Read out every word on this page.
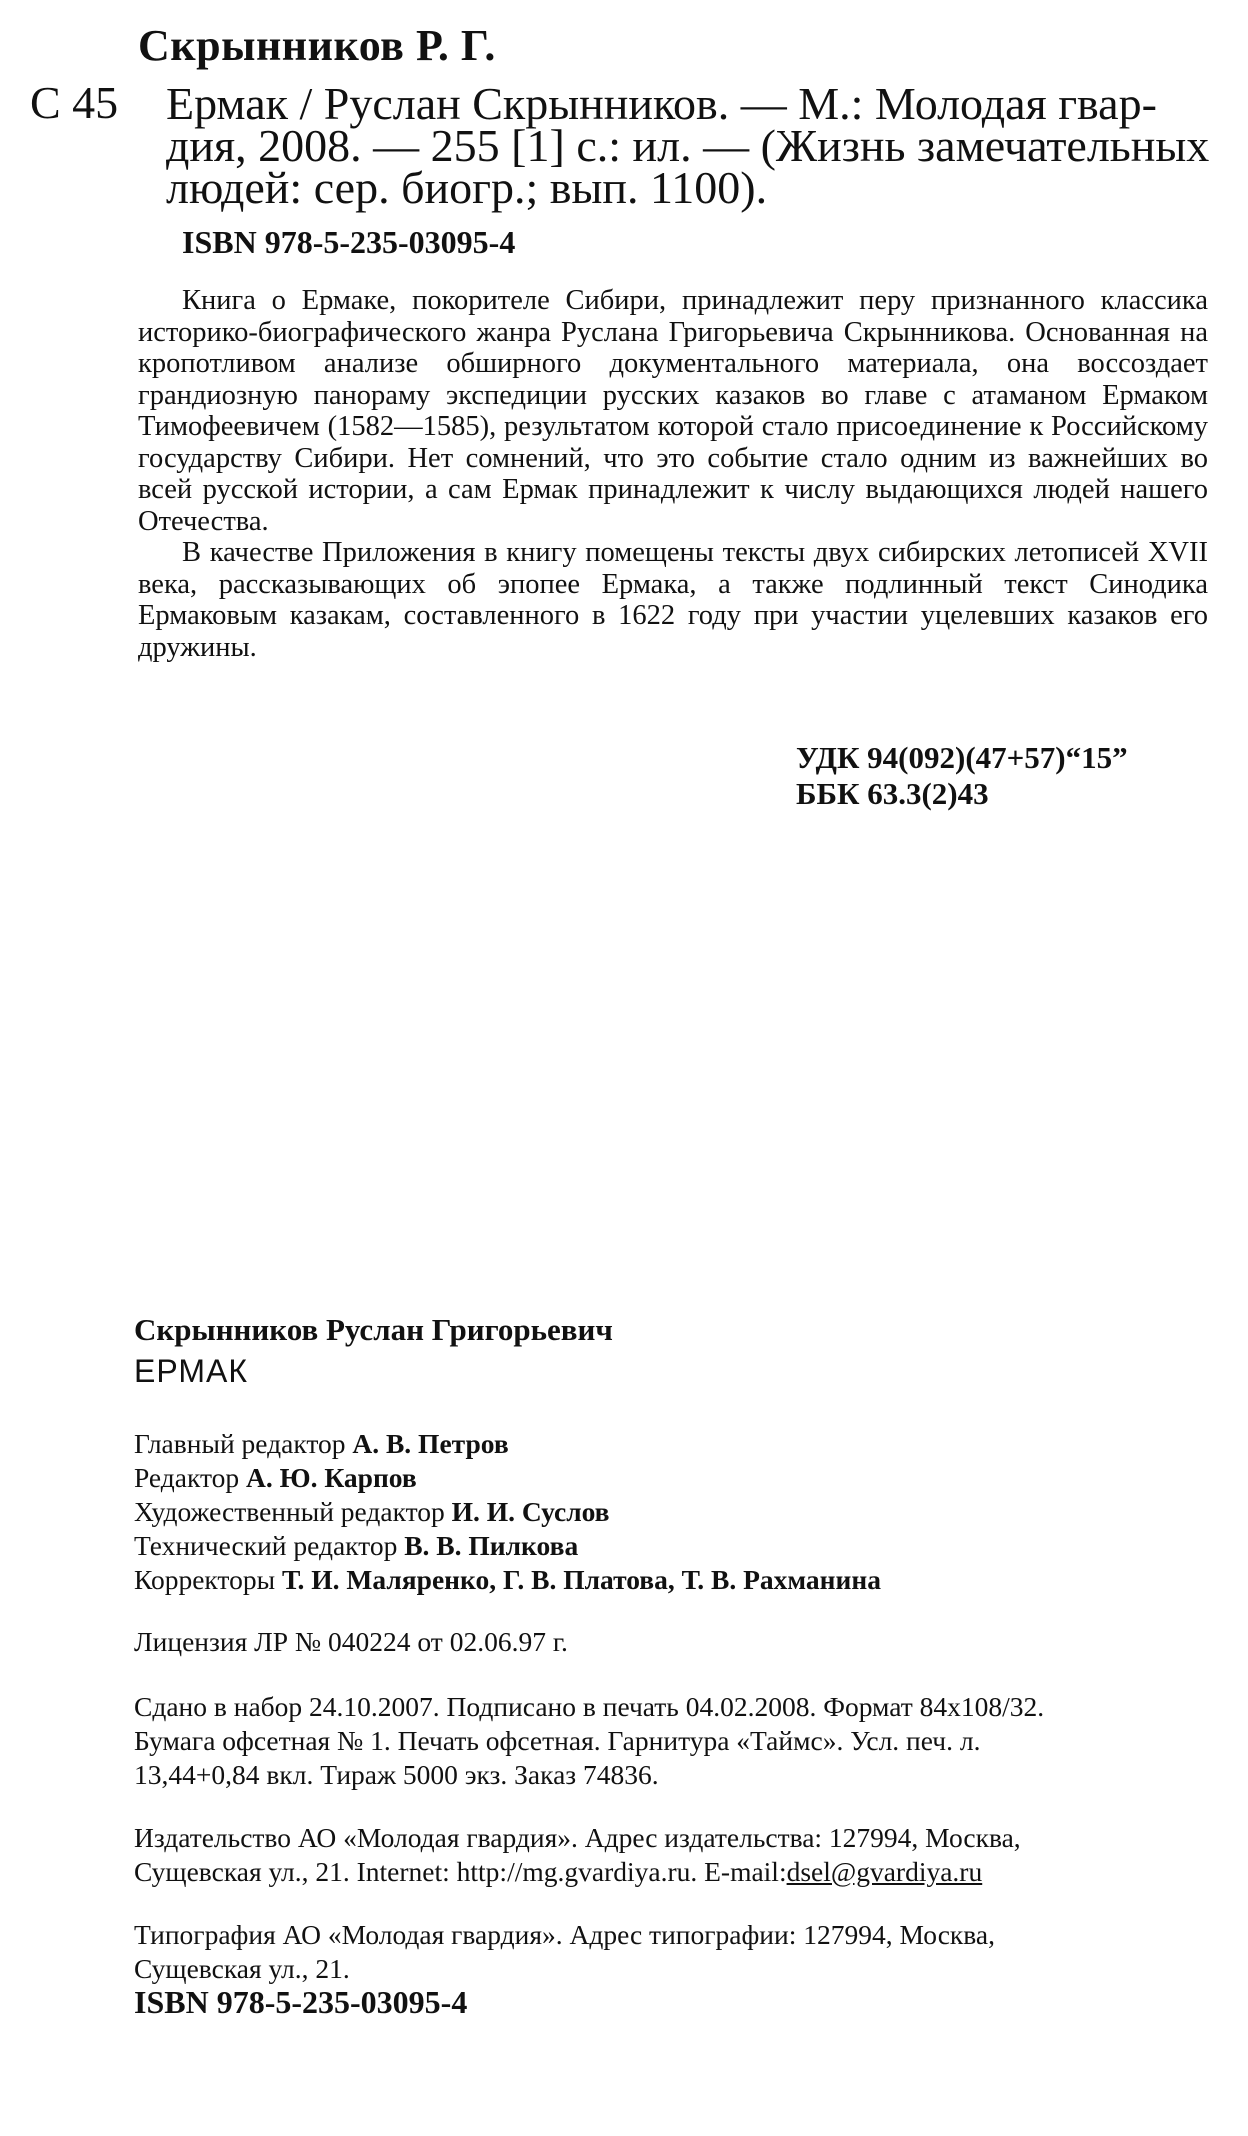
Скрынников Р. Г.
С 45 Ермак / Руслан Скрынников. — М.: Молодая гвар-
дия, 2008. — 255 [1] с.: ил. — (Жизнь замечательных
людей: сер. биогр.; вып. 1100).
ISBN 978-5-235-03095-4

Книга о Ермаке, покорителе Сибири, принадлежит перу признанного классика историко-биографического жанра Руслана Григорьевича Скрынникова. Основанная на кропотливом анализе обширного документального материала, она воссоздает грандиозную панораму экспедиции русских казаков во главе с атаманом Ермаком Тимофеевичем (1582—1585), результатом которой стало присоединение к Российскому государству Сибири. Нет сомнений, что это событие стало одним из важнейших во всей русской истории, а сам Ермак принадлежит к числу выдающихся людей нашего Отечества.

В качестве Приложения в книгу помещены тексты двух сибирских летописей XVII века, рассказывающих об эпопее Ермака, а также подлинный текст Синодика Ермаковым казакам, составленного в 1622 году при участии уцелевших казаков его дружины.

УДК 94(092)(47+57)“15”
ББК 63.3(2)43
Скрынников Руслан Григорьевич
ЕРМАК
Главный редактор А. В. Петров
Редактор А. Ю. Карпов
Художественный редактор И. И. Суслов
Технический редактор В. В. Пилкова
Корректоры Т. И. Маляренко, Г. В. Платова, Т. В. Рахманина
Лицензия ЛР № 040224 от 02.06.97 г.
Сдано в набор 24.10.2007. Подписано в печать 04.02.2008. Формат 84x108/32.
Бумага офсетная № 1. Печать офсетная. Гарнитура «Таймс». Усл. печ. л.
13,44+0,84 вкл. Тираж 5000 экз. Заказ 74836.
Издательство АО «Молодая гвардия». Адрес издательства: 127994, Москва,
Сущевская ул., 21. Internet: http://mg.gvardiya.ru. E-mail:dsel@gvardiya.ru
Типография АО «Молодая гвардия». Адрес типографии: 127994, Москва,
Сущевская ул., 21.
ISBN 978-5-235-03095-4
